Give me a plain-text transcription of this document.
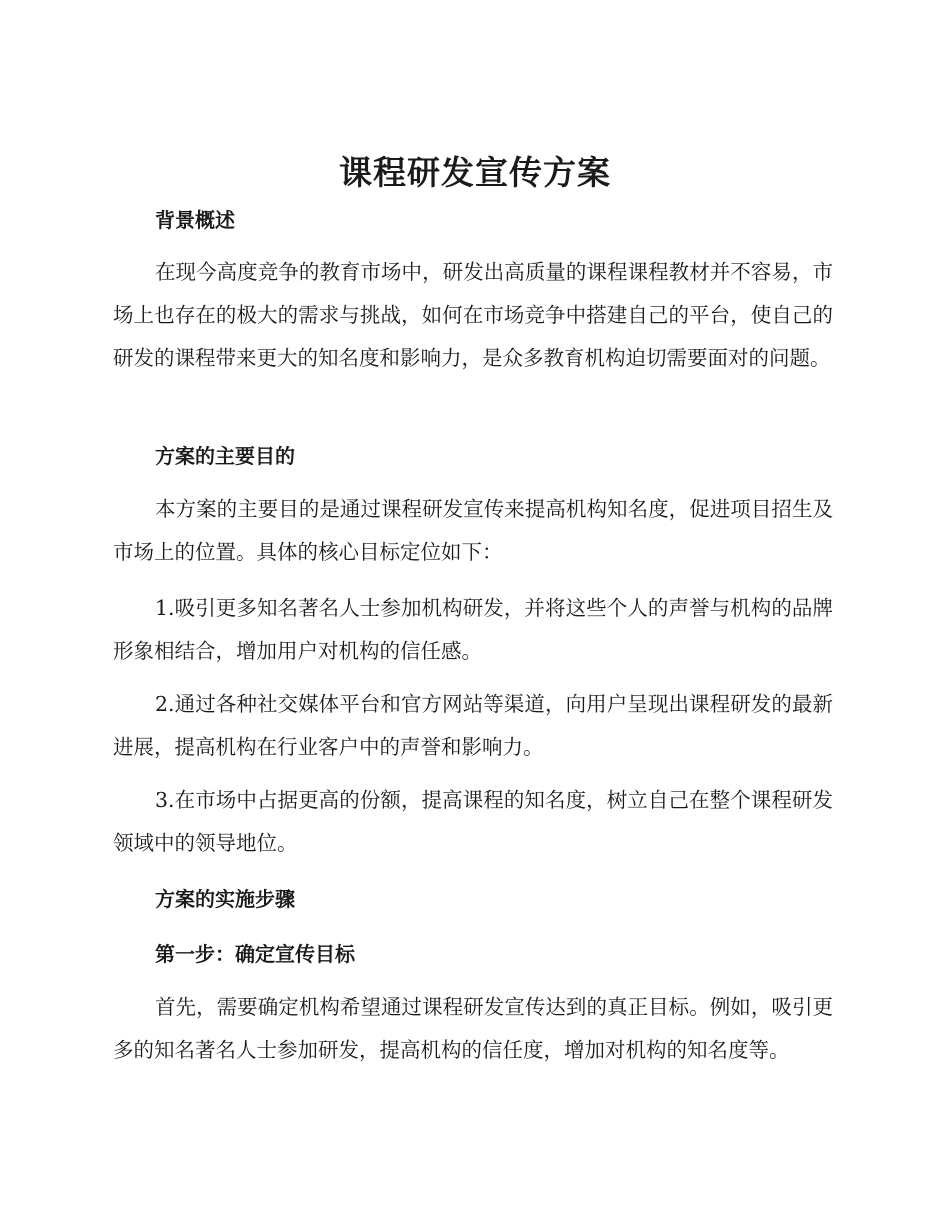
课程研发宣传方案
背景概述

在现今高度竞争的教育市场中，研发出高质量的课程课程教材并不容易，市场上也存在的极大的需求与挑战，如何在市场竞争中搭建自己的平台，使自己的研发的课程带来更大的知名度和影响力，是众多教育机构迫切需要面对的问题。

方案的主要目的

本方案的主要目的是通过课程研发宣传来提高机构知名度，促进项目招生及市场上的位置。具体的核心目标定位如下：

1.吸引更多知名著名人士参加机构研发，并将这些个人的声誉与机构的品牌形象相结合，增加用户对机构的信任感。

2.通过各种社交媒体平台和官方网站等渠道，向用户呈现出课程研发的最新进展，提高机构在行业客户中的声誉和影响力。

3.在市场中占据更高的份额，提高课程的知名度，树立自己在整个课程研发领域中的领导地位。

方案的实施步骤
第一步：确定宣传目标

首先，需要确定机构希望通过课程研发宣传达到的真正目标。例如，吸引更多的知名著名人士参加研发，提高机构的信任度，增加对机构的知名度等。
